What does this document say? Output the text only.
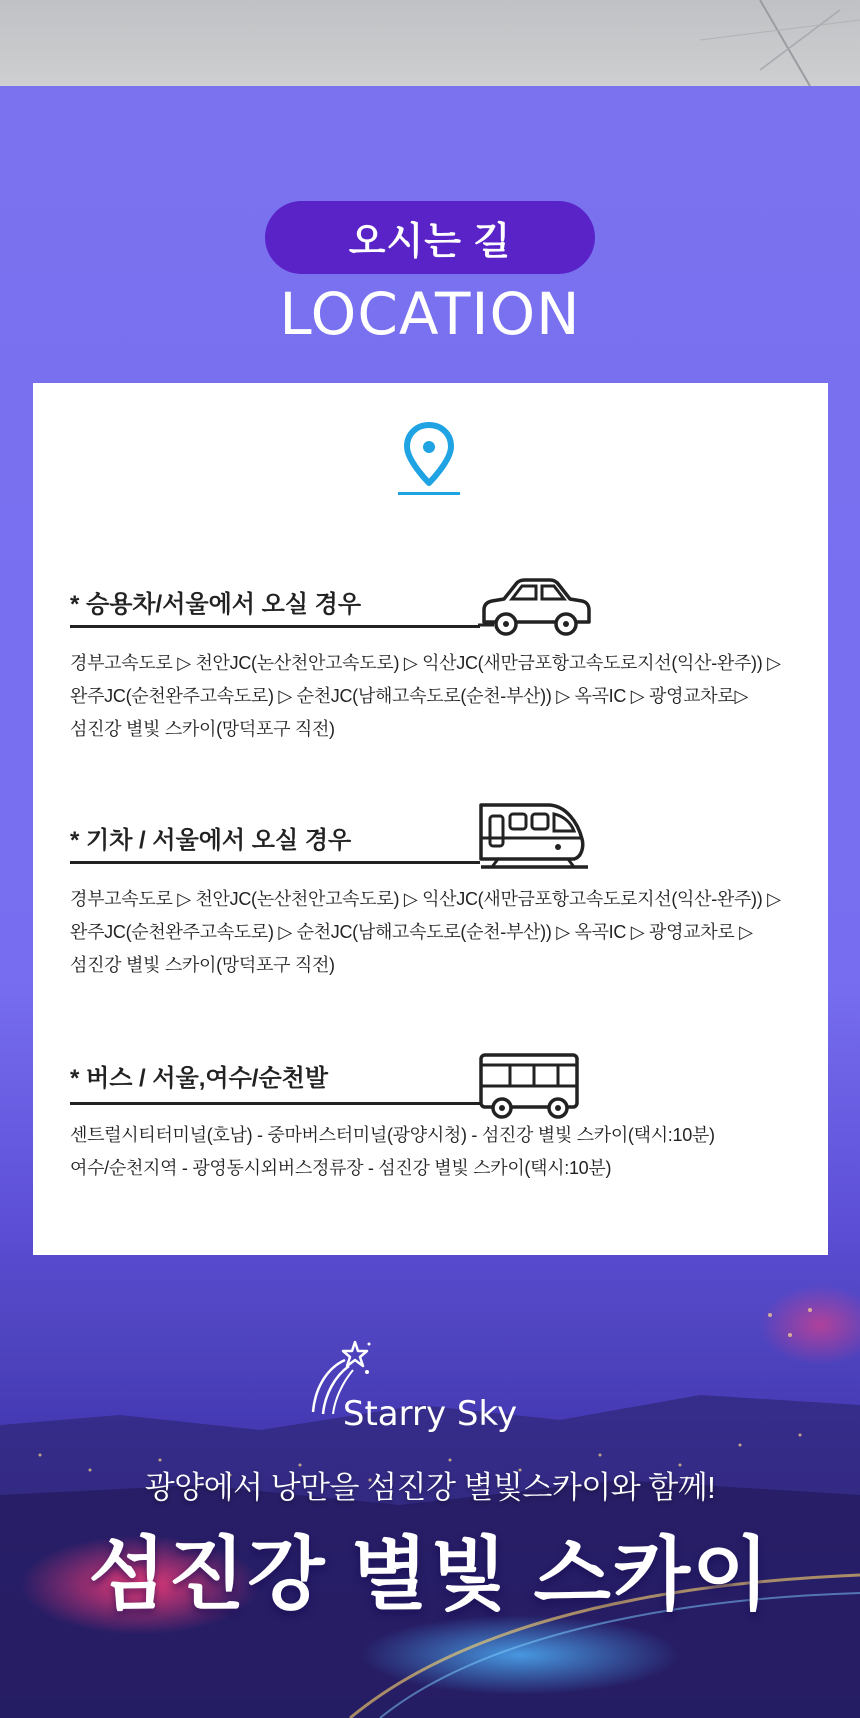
오시는 길
LOCATION
* 승용차/서울에서 오실 경우
경부고속도로 ▷ 천안JC(논산천안고속도로) ▷ 익산JC(새만금포항고속도로지선(익산-완주)) ▷
완주JC(순천완주고속도로) ▷ 순천JC(남해고속도로(순천-부산)) ▷ 옥곡IC ▷ 광영교차로▷
섬진강 별빛 스카이(망덕포구 직전)
* 기차 / 서울에서 오실 경우
경부고속도로 ▷ 천안JC(논산천안고속도로) ▷ 익산JC(새만금포항고속도로지선(익산-완주)) ▷
완주JC(순천완주고속도로) ▷ 순천JC(남해고속도로(순천-부산)) ▷ 옥곡IC ▷ 광영교차로 ▷
섬진강 별빛 스카이(망덕포구 직전)
* 버스 / 서울,여수/순천발
센트럴시티터미널(호남) - 중마버스터미널(광양시청) - 섬진강 별빛 스카이(택시:10분)
여수/순천지역 - 광영동시외버스정류장 - 섬진강 별빛 스카이(택시:10분)
Starry Sky
광양에서 낭만을 섬진강 별빛스카이와 함께!
섬진강 별빛 스카이
